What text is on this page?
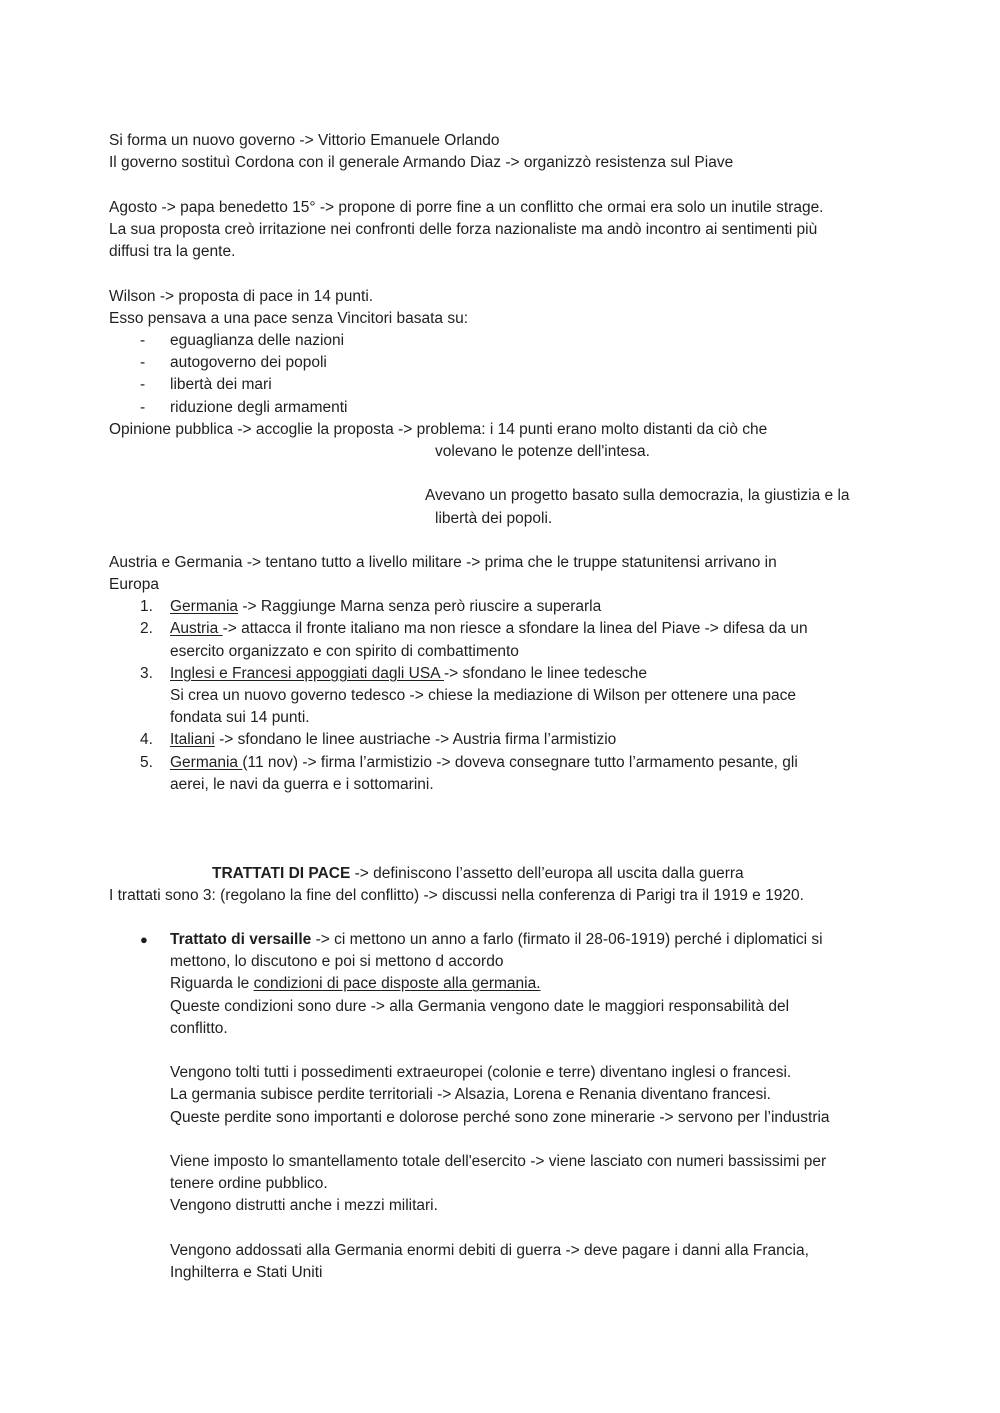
Si forma un nuovo governo -> Vittorio Emanuele Orlando
Il governo sostituì Cordona con il generale Armando Diaz -> organizzò resistenza sul Piave
Agosto -> papa benedetto 15° -> propone di porre fine a un conflitto che ormai era solo un inutile strage.
La sua proposta creò irritazione nei confronti delle forza nazionaliste ma andò incontro ai sentimenti più
diffusi tra la gente.
Wilson -> proposta di pace in 14 punti.
Esso pensava a una pace senza Vincitori basata su:
- eguaglianza delle nazioni
- autogoverno dei popoli
- libertà dei mari
- riduzione degli armamenti
Opinione pubblica -> accoglie la proposta -> problema: i 14 punti erano molto distanti da ciò che
volevano le potenze dell'intesa.
Avevano un progetto basato sulla democrazia, la giustizia e la
libertà dei popoli.
Austria e Germania -> tentano tutto a livello militare -> prima che le truppe statunitensi arrivano in
Europa
1. Germania -> Raggiunge Marna senza però riuscire a superarla
2. Austria -> attacca il fronte italiano ma non riesce a sfondare la linea del Piave -> difesa da un
esercito organizzato e con spirito di combattimento
3. Inglesi e Francesi appoggiati dagli USA -> sfondano le linee tedesche
Si crea un nuovo governo tedesco -> chiese la mediazione di Wilson per ottenere una pace
fondata sui 14 punti.
4. Italiani -> sfondano le linee austriache -> Austria firma l’armistizio
5. Germania (11 nov) -> firma l’armistizio -> doveva consegnare tutto l’armamento pesante, gli
aerei, le navi da guerra e i sottomarini.
TRATTATI DI PACE -> definiscono l’assetto dell’europa all uscita dalla guerra
I trattati sono 3: (regolano la fine del conflitto) -> discussi nella conferenza di Parigi tra il 1919 e 1920.
● Trattato di versaille -> ci mettono un anno a farlo (firmato il 28-06-1919) perché i diplomatici si
mettono, lo discutono e poi si mettono d accordo
Riguarda le condizioni di pace disposte alla germania.
Queste condizioni sono dure -> alla Germania vengono date le maggiori responsabilità del
conflitto.
Vengono tolti tutti i possedimenti extraeuropei (colonie e terre) diventano inglesi o francesi.
La germania subisce perdite territoriali -> Alsazia, Lorena e Renania diventano francesi.
Queste perdite sono importanti e dolorose perché sono zone minerarie -> servono per l’industria
Viene imposto lo smantellamento totale dell'esercito -> viene lasciato con numeri bassissimi per
tenere ordine pubblico.
Vengono distrutti anche i mezzi militari.
Vengono addossati alla Germania enormi debiti di guerra -> deve pagare i danni alla Francia,
Inghilterra e Stati Uniti
